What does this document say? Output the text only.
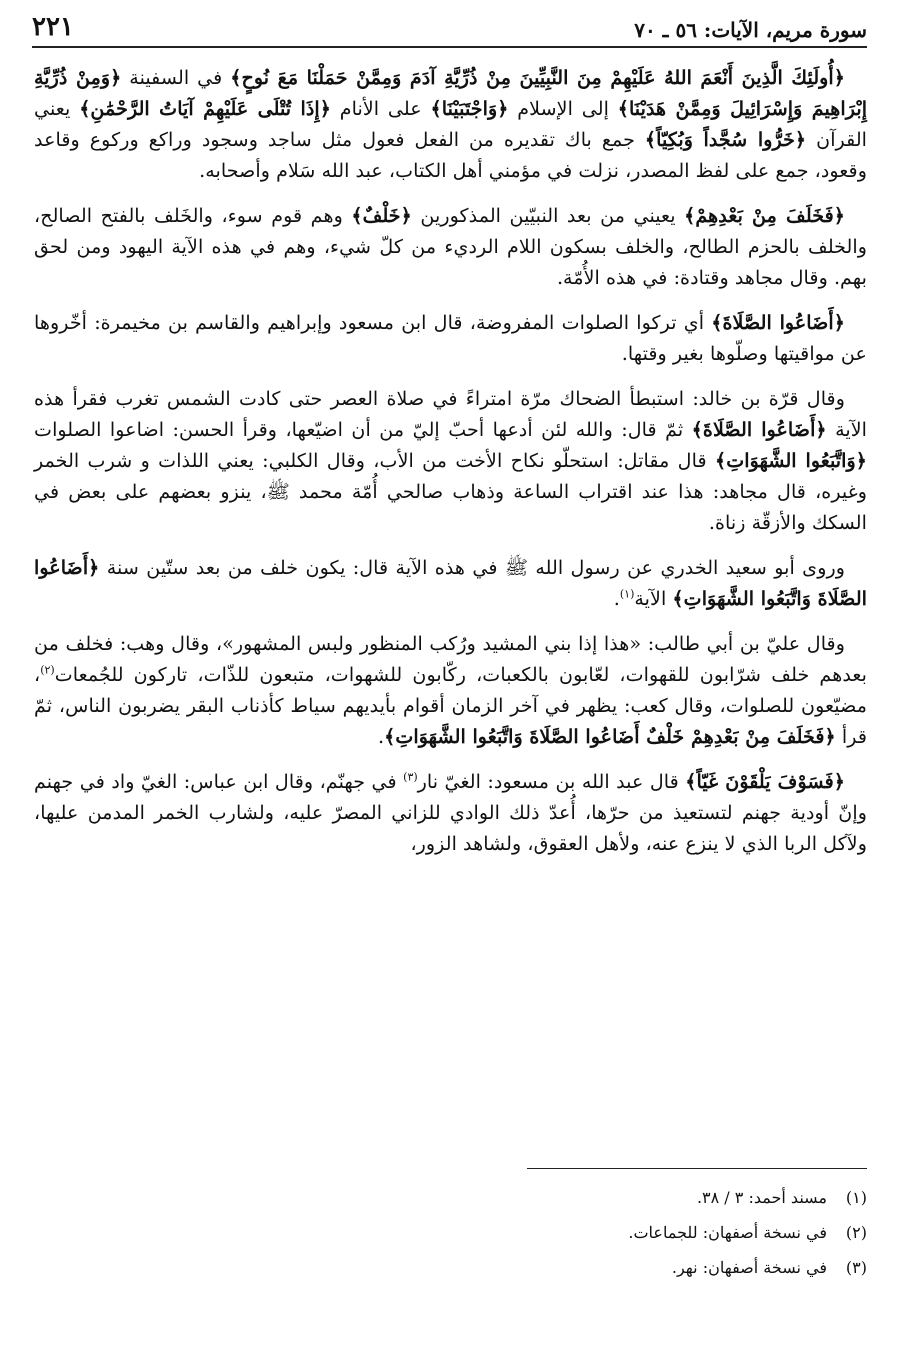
سورة مريم، الآيات: ٥٦ ـ ٧٠
٢٢١

﴿أُولَئِكَ الَّذِينَ أَنْعَمَ اللهُ عَلَيْهِمْ مِنَ النَّبِيِّينَ مِنْ ذُرِّيَّةِ آدَمَ وَمِمَّنْ حَمَلْنَا مَعَ نُوحٍ﴾ في السفينة ﴿وَمِنْ ذُرِّيَّةِ إِبْرَاهِيمَ وَإِسْرَائِيلَ وَمِمَّنْ هَدَيْنَا﴾ إلى الإسلام ﴿وَاجْتَبَيْنَا﴾ على الأنام ﴿إِذَا تُتْلَى عَلَيْهِمْ آيَاتُ الرَّحْمَٰنِ﴾ يعني القرآن ﴿خَرُّوا سُجَّداً وَبُكِيّاً﴾ جمع باك تقديره من الفعل فعول مثل ساجد وسجود وراكع وركوع وقاعد وقعود، جمع على لفظ المصدر، نزلت في مؤمني أهل الكتاب، عبد الله سَلام وأصحابه.

﴿فَخَلَفَ مِنْ بَعْدِهِمْ﴾ يعيني من بعد النبيّين المذكورين ﴿خَلْفٌ﴾ وهم قوم سوء، والخَلف بالفتح الصالح، والخلف بالحزم الطالح، والخلف بسكون اللام الرديء من كلّ شيء، وهم في هذه الآية اليهود ومن لحق بهم. وقال مجاهد وقتادة: في هذه الأُمّة.

﴿أَضَاعُوا الصَّلَاةَ﴾ أي تركوا الصلوات المفروضة، قال ابن مسعود وإبراهيم والقاسم بن مخيمرة: أخّروها عن مواقيتها وصلّوها بغير وقتها.

وقال قرّة بن خالد: استبطأ الضحاك مرّة امتراءً في صلاة العصر حتى كادت الشمس تغرب فقرأ هذه الآية ﴿أَضَاعُوا الصَّلَاةَ﴾ ثمّ قال: والله لئن أدعها أحبّ إليّ من أن اضيّعها، وقرأ الحسن: اضاعوا الصلوات ﴿وَاتَّبَعُوا الشَّهَوَاتِ﴾ قال مقاتل: استحلّو نكاح الأخت من الأب، وقال الكلبي: يعني اللذات و شرب الخمر وغيره، قال مجاهد: هذا عند اقتراب الساعة وذهاب صالحي أُمّة محمد ﷺ، ينزو بعضهم على بعض في السكك والأزقّة زناة.

وروى أبو سعيد الخدري عن رسول الله ﷺ في هذه الآية قال: يكون خلف من بعد ستّين سنة ﴿أَضَاعُوا الصَّلَاةَ وَاتَّبَعُوا الشَّهَوَاتِ﴾ الآية$^{(١)}$.

وقال عليّ بن أبي طالب: «هذا إذا بني المشيد ورُكب المنظور ولبس المشهور»، وقال وهب: فخلف من بعدهم خلف شرّابون للقهوات، لعّابون بالكعبات، ركّابون للشهوات، متبعون للذّات، تاركون للجُمعات$^{(٢)}$، مضيّعون للصلوات، وقال كعب: يظهر في آخر الزمان أقوام بأيديهم سياط كأذناب البقر يضربون الناس، ثمّ قرأ ﴿فَخَلَفَ مِنْ بَعْدِهِمْ خَلْفٌ أَضَاعُوا الصَّلَاةَ وَاتَّبَعُوا الشَّهَوَاتِ﴾.

﴿فَسَوْفَ يَلْقَوْنَ غَيّاً﴾ قال عبد الله بن مسعود: الغيّ نار$^{(٣)}$ في جهنّم، وقال ابن عباس: الغيّ واد في جهنم وإنّ أودية جهنم لتستعيذ من حرّها، أُعدّ ذلك الوادي للزاني المصرّ عليه، ولشارب الخمر المدمن عليها، ولآكل الربا الذي لا ينزع عنه، ولأهل العقوق، ولشاهد الزور،

(١)
مسند أحمد: ٣ / ٣٨.
(٢)
في نسخة أصفهان: للجماعات.
(٣)
في نسخة أصفهان: نهر.
